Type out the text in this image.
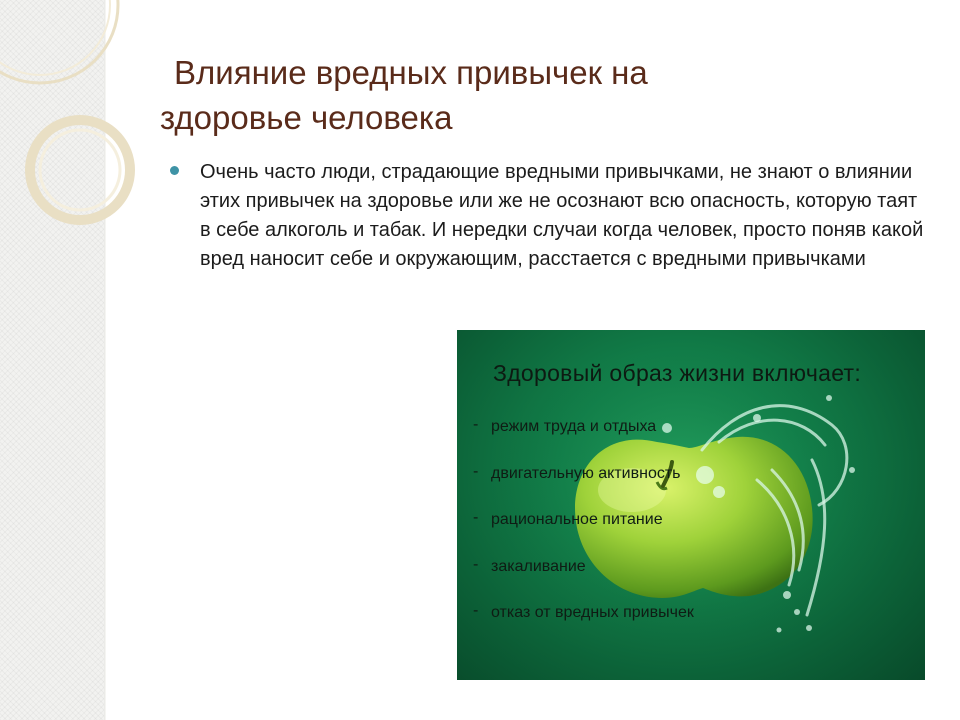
Влияние вредных привычек на
здоровье человека

Очень часто люди, страдающие вредными привычками, не знают о влиянии этих привычек на здоровье или же не осознают всю опасность, которую таят в себе алкоголь и табак. И нередки случаи когда человек, просто поняв какой вред наносит себе и окружающим, расстается с вредными привычками

Здоровый образ жизни включает:
- режим труда и отдыха
- двигательную активность
- рациональное питание
- закаливание
- отказ от вредных привычек
